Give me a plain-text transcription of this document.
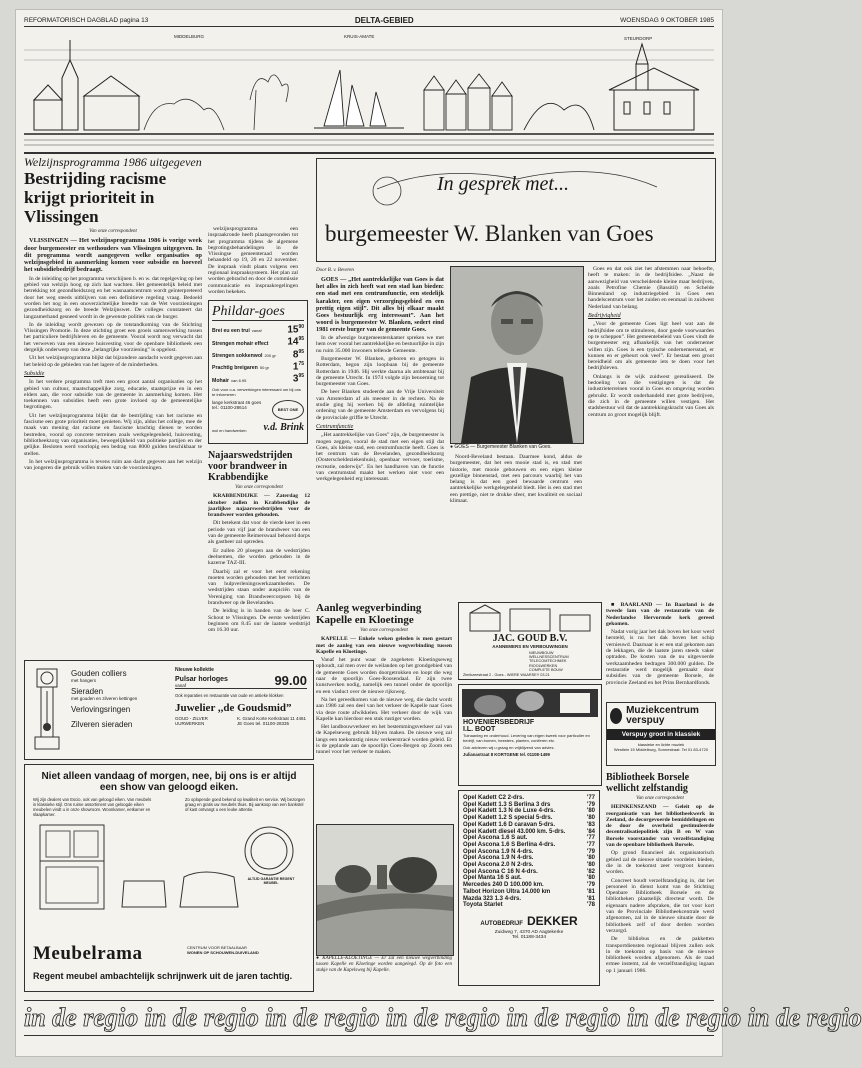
REFORMATORISCH DAGBLAD pagina 13	DELTA-GEBIED	WOENSDAG 9 OKTOBER 1985
MIDDELBURG	KRUIS-AMATE	STEURDORP
Welzijnsprogramma 1986 uitgegeven
Bestrijding racisme krijgt prioriteit in Vlissingen
Van onze correspondent

VLISSINGEN — Het welzijnsprogramma 1986 is vorige week door burgemeester en wethouders van Vlissingen uitgegeven. In dit programma wordt aangegeven welke organisaties op welzijnsgebied in aanmerking komen voor subsidie en hoeveel het subsidiebedrijf bedraagt.

In de inleiding op het programma verschijnen b. en w. dat regelgeving op het gebied van welzijn hoog op zich laat wachten. Het gemeentelijk beleid met betrekking tot gezondheidszorg en het wasnaamcentrum wordt geïnterpreteerd door het weg steeds uitblijven van een definitieve regeling vraag. Bedoeld worden het nog in een onoverzichtelijke breedte van de Wet voorzieningen gezondheidszorg en de breede Welzijnswet. De colleges constateert dat langzamerhand gesneed wordt in de gewenste politiek van de burger.

In de inleiding wordt gewezen op de totstandkoming van de Stichting Vlissingen Promotie. In deze stichting groet een groeis samenwerking tussen het particuliere bedrijfsleven en de gemeente. Vooral wordt nog verwacht dat het verweven van een nieuwe huisvesting voor de openbare bibliotheek een dergelijk onderwerp van deze „belangrijke voorziening” is opgelost.

Uit het welzijnsprogramma blijkt dat bijzondere aandacht wordt gegeven aan het beleid op de gebieden van het lagere of de minderheden.

Subsidie

In het verdere programma treft men een groot aantal organisaties op het gebied van cultuur, maatschappelijke zorg, educatie, staatsprijze en in een elders aan, die voor subsidie van de gemeente in aanmerking komen. Het toekennen van subsidies heeft een grote invloed op de gemeentelijke begrotingen.

Uit het welzijnsprogramma blijkt dat de bestrijding van het racisme en fascisme een grote prioriteit moet genieten. Wij zijn, aldus het college, mee de maak van mening dat racisme en fascisme krachtig dienen te worden bestreden, vooral op concrete terreinen zoals werkgelegenheid, huisvesting, bibliotheekzorg van organisaties, bewegelijkheid van politieke partijen en der gelijke. Besloten werd voorlopig een bedrag van 8000 gulden beschikbaar te stellen.

In het welzijnsprogramma is tevens ruim aan dacht gegeven aan het welzijn van jongeren die gebruik willen maken van de voorzieningen.

welzijnsprogramma een inspraakronde heeft plaatsgevonden tot het programma tijdens de algemene begrotingsbehandelingen in de Vlissingse gemeenteraad worden behandeld op 19, 20 en 22 november. De inspraak vindt plaats volgens een regionaal inspraaksysteem. Het plan zal worden gebrachd en door de commissie communicatie en inspraakregelingen worden bekeken.

Phildar-goes
Brei eu een trui vanaf	$15^{90}$
Strengen mohair effect $14^{95}$
Strengen sokkenwol 200 gr $8^{95}$
Prachtig breigaren 50 gr $1^{75}$
Mohair van 6.95	$3^{95}$
Ook voor o.a. verwerkingen interessant om bij ons te informeren
lange kerkstraat 46 goes tel.: 01100-28614	BEST ONE
wol en handwerken v.d. Brink
Najaarswedstrijden voor brandweer in Krabbendijke
Van onze correspondent

KRABBENDIJKE — Zaterdag 12 oktober zullen in Krabbendijke de jaarlijkse najaarswedstrijden voor de brandweer worden gehouden.

Dit betekent dat voor de vierde keer in een periode van vijf jaar de brandweer van een van de gemeente Reimerswaal behoord dorps als gastheer zal optreden.

Er zullen 20 ploegen aan de wedstrijden deelnemen, die worden gehouden in de kazerne TAZ-III.

Daarbij zal er voor het eerst rekening moeten worden gehouden met het verrichten van hulpverleningswerkzaamheden. De wedstrijden staan onder auspiciën van de Vereniging van Brandweercorpsen bij de brandweer op de Bevelanden.

De leiding is in handen van de heer C. Schout te Vlissingen. De eerste wedstrijden beginnen om 8.45 uur de laatste wedstrijd om 16.30 uur.

In gesprek met...
burgemeester W. Blanken van Goes
Door B. v. Beveren

GOES — „Het aantrekkelijke van Goes is dat het alles in zich heeft wat een stad kan bieden: een stad met een centrumfunctie, een stedelijk karakter, een eigen verzorgingsgebied en een prettig eigen stijl”. Dit alles bij elkaar maakt Goes bestuurlijk erg interessant”. Aan het woord is burgemeester W. Blanken, sedert eind 1981 eerste burger van de gemeente Goes.

In de afwezige burgemeesterskamer spreken we met hem over vooral het aantrekkelijke en bestuurlijke in zijn nu ruim 35.000 inwoners tellende Gemeente.

Burgemeester W. Blanken, geboren en getogen in Rotterdam, begon zijn loopbaan bij de gemeente Rotterdam in 1946. Hij werkte daarna als ambtenaar bij de gemeente Utrecht. In 1974 volgde zijn benoeming tot burgemeester van Goes.

De heer Blanken studeerde aan de Vrije Universiteit van Amsterdam af als meester in de rechten. Na de studie ging hij werken bij de afdeling ruimtelijke ordening van de gemeente Amsterdam en vervolgens bij de provinciale griffie te Utrecht.

Centrumfunctie

„Het aantrekkelijke van Goes” zijn, de burgemeester is mogen zeggen, vooral de stad met een eigen stijl dat Goes, als kleine stad, een centrumfunctie heeft. Goes is het centrum van de Bevelanden, gezondheidszorg (Oosterscheldeziekenhuis), openbaar vervoer, toerisme, recreatie, onderwijs”. En het handhaven van de functie van centrumstad maakt het werken niet voor een werkgelegenheid erg interessant.

● GOES — Burgemeester Blanken van Goes.

Noord-Beveland bestaan. Daarmee kond, aldus de burgemeester, dat het een mooie stad is, en stad met historie, met mooie gebouwen en een eigen kleine gezellige binnenstad, met een parcours waarbij het van belang is dat een goed bewaarde centrum een aantrekkelijke werkgelegenheid biedt. Het is een stad met een prettige, niet te drukke sfeer, met kwaliteit en sociaal klimaat.

Goes en dat ook ziet het afstemmen naar behoefte, heeft te maken: in de bedrijfsidee. „Naast de aanwezigheid van verscheidende kleine maar bedrijven, zoals Petrofine Chemie (Bassitil) en Schelde Binnenland op industriegebied in Goes een handelscentrum voor het zuiden en eenmaal in zuidwest Nederland van belang.

Bedrijvigheid

„Voor de gemeente Goes ligt heel wat aan de bedrijfsidee om te stimuleren, door goede voorwaarden op te scheppen”. Het gemeentebeleid van Goes vindt de burgemeester erg afhankelijk van het ondernemer willen zijn. Goes is een typische ondernemersstad, er kunnen en er gebeurt ook veel”. Er bestaat een groot bereidheid om als gemeente iets te doen voor het bedrijfsleven.

Onlangs is de wijk zuidwest gerealiseerd. De bedoeling van die vestigingen is dat de industrieterreinen vooral in Goes en omgeving worden gebruikt. Er wordt onderhandeld met grote bedrijven, die zich in de gemeente willen vestigen. Het stadsbestuur wil dat de aantrekkingskracht van Goes als centrum zo groot mogelijk blijft.

Gouden colliers
met hangers
Sieraden
met gouden en zilveren kettingen
Verlovingsringen
Zilveren sieraden
Nieuwe kollektie
Pulsar horloges
vanaf	99.00
Ook reparaties en restauratie van oude en antieke klokken
Juwelier ,,de Goudsmid”
GOUD - ZILVER UURWERKEN
K. Grand Korte Kerkstraat 11 4461 JE Goes tel. 01100-28335
Niet alleen vandaag of morgen, nee, bij ons is er altijd een show van geloogd eiken.
Wij zijn dealers van Escio, ook van geloogd eiken. Van meubels in klassieke stijl. Ons ruime assortiment van geloogde eiken meubelen vindt u in onze showroom. Woonkamer, eetkamer en slaapkamer.
Zo oplopende goed bekend op kwaliteit en service. Wij bezorgen graag en gratis uw meubels thuis. Bij aankoop van een bankstel of kast ontvangt u een leuke attentie.
ALTIJD GARANTIE REGENT MEUBEL
Meubelrama	CENTRUM VOOR BETAALBAAR
WONEN OP SCHOUWEN-DUIVELAND
Regent meubel ambachtelijk schrijnwerk uit de jaren tachtig.
Aanleg wegverbinding Kapelle en Kloetinge
Van onze correspondent

KAPELLE — Enkele weken geleden is men gestart met de aanleg van een nieuwe wegverbinding tussen Kapelle en Kloetinge.

Vanaf het punt waar de zogeheten Kloetingseweg ophoudt, zal men over de weilanden op het grondgebied van de gemeente Goes worden doorgetrokken en loopt die weg naar de spoorlijn Goes-Roosendaal. Er zijn twee kunstwerken nodig, namelijk een tunnel onder de spoorlijn en een viaduct over de nieuwe rijksweg.

Na het gereedkomen van de nieuwe weg, die dacht wordt aan 1986 zal een deel van het verkeer de Kapelle naar Goes via deze route afwikkelen. Het verkeer door de wijk van Kapelle kan hierdoor een stuk rustiger worden.

Het landbouwverkeer en het bestemmingsverkeer zal van de Kapelseweg gebruik blijven maken. De nieuwe weg zal langs een toekomstig nieuw verkeerstracé worden geleid. Er is de geplande aan de spoorlijn Goes-Bergen op Zoom een tunnel voor het verkeer te maken.

● KAPELLE-KLOETINGE — Er zal een nieuwe wegverbinding tussen Kapelle en Kloetinge worden aangelegd. Op de foto een stukje van de Kapelsweg bij Kapelle.
JAC. GOUD B.V.
AANNEMERS EN VERBOUWINGEN
NIEUWBOUW
WELLNESSCENTRUM
TELECOMTECHNIEK
RIOOLWERKEN
COMPLETE BOUW
Zierikzeestraat 2 - Goes - WIERE WAARSEY 03.21
HOVENIERSBEDRIJF
I.L. BOOT
Tuinaanleg en onderhoud. Levering van eigen kweek voor particulier en bedrijf, van bomen, heesters, planten, coniferen etc.
Ook adviezen wij u graag en vrijblijvend van advies.
Julianastraat 8 KORTGENE tel. 01108-1499
Muziekcentrum verspuy
Verspuy groot in klassiek
klassieke en lichte muziek
Westlein 15 Middelburg, Sonnestraat. Tel 01 83-4720

■ BAARLAND — In Baarland is de tweede lam van de restauratie van de Nederlandse Hervormde kerk gereed gekomen.

Nadat vorig jaar het dak boven het koor werd hersteld, is nu het dak boven het schip vernieuwd. Daarnaar is er een stal gekomen aan de lekkagen, die de laatste jaren steeds vaker optraden. De kosten van de nu uitgevoerde werkzaamheden bedragen 300.000 gulden. De restauratie werd mogelijk gemaakt door subsidies van de gemeente Borsele, de provincie Zeeland en het Prins Bernhardfonds.

Opel Kadett C2 2-drs.	'77
Opel Kadett 1.3 S Berlina 3 drs	'79
Opel Kadett 1.3 N de Luxe 4-drs.	'80
Opel Kadett 1.2 S special 5-drs.	'80
Opel Kadett 1.6 D caravan 5-drs.	'83
Opel Kadett diesel 43.000 km. 5-drs.	'84
Opel Ascona 1.6 S aut.	'77
Opel Ascona 1.6 S Berlina 4-drs.	'77
Opel Ascona 1.9 N 4-drs.	'79
Opel Ascona 1.9 N 4-drs.	'80
Opel Ascona 2.0 N 2-drs.	'80
Opel Ascona C 16 N 4-drs.	'82
Opel Manta 16 S aut.	'80
Mercedes 240 D 100.000 km.	'79
Talbot Horizon Ultra 14.000 km	'81
Mazda 323 1.3 4-drs.	'81
Toyota Starlet	'78
AUTOBEDRIJF DEKKER
Zuidweg 7, 4370 AD Aagtekerke
Tel. 01188-3434
Bibliotheek Borsele wellicht zelfstandig
Van onze correspondent

HEINKENSZAND — Geleit op de reorganisatie van het bibliotheekwerk in Zeeland, de decorgevoerde bemiddelingen en de door de overheid gestimuleerde decentralisatiepolitiek zijn B en W van Borsele voorstander van verzelfstandiging van de openbare bibliotheek Borsele.

Op grond financieel als organisatorisch gebied zal de nieuwe situatie voordelen bieden, die in de toekomst zeer vergroot kunnen worden.

Concreet houdt verzelfstandiging in, dat het personeel in dienst komt van de Stichting Openbare Bibliotheek Borsele en de bibliotheken plaatselijk directeur wordt. De eigenaars nadere afspraken, die tot voor kort van de Provinciale Bibliotheekcentrale werd afgenomen, zal in de nieuwe situatie door de bibliotheek zelf of door derden worden verzorgd.

De bibliobus en de pakketten transportdiensten regionaal blijven zullen ook in de toekomst op basis van de nieuwe bibliotheek worden afgenomen. Als de raad ermee instemt, zal de verzelfstandiging ingaan op 1 januari 1986.

in de regio in de regio in de regio in de regio in de regio in de regio in de regio
